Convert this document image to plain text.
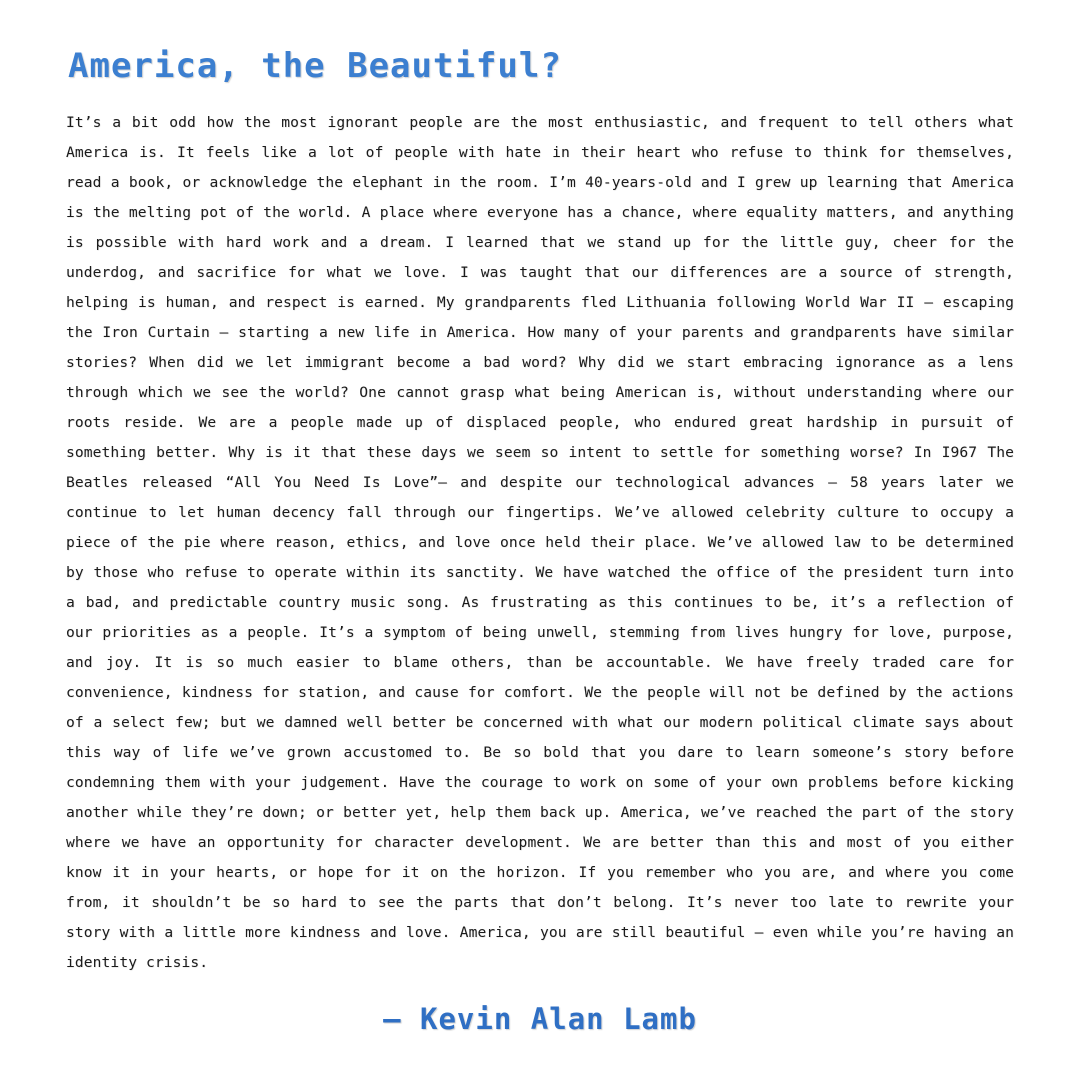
America, the Beautiful?

It’s a bit odd how the most ignorant people are the most enthusiastic, and frequent to tell others what America is. It feels like a lot of people with hate in their heart who refuse to think for themselves, read a book, or acknowledge the elephant in the room. I’m 40-years-old and I grew up learning that America is the melting pot of the world. A place where everyone has a chance, where equality matters, and anything is possible with hard work and a dream. I learned that we stand up for the little guy, cheer for the underdog, and sacrifice for what we love. I was taught that our differences are a source of strength, helping is human, and respect is earned. My grandparents fled Lithuania following World War II — escaping the Iron Curtain — starting a new life in America. How many of your parents and grandparents have similar stories? When did we let immigrant become a bad word? Why did we start embracing ignorance as a lens through which we see the world? One cannot grasp what being American is, without understanding where our roots reside. We are a people made up of displaced people, who endured great hardship in pursuit of something better. Why is it that these days we seem so intent to settle for something worse? In I967 The Beatles released “All You Need Is Love”— and despite our technological advances — 58 years later we continue to let human decency fall through our fingertips. We’ve allowed celebrity culture to occupy a piece of the pie where reason, ethics, and love once held their place. We’ve allowed law to be determined by those who refuse to operate within its sanctity. We have watched the office of the president turn into a bad, and predictable country music song. As frustrating as this continues to be, it’s a reflection of our priorities as a people. It’s a symptom of being unwell, stemming from lives hungry for love, purpose, and joy. It is so much easier to blame others, than be accountable. We have freely traded care for convenience, kindness for station, and cause for comfort. We the people will not be defined by the actions of a select few; but we damned well better be concerned with what our modern political climate says about this way of life we’ve grown accustomed to. Be so bold that you dare to learn someone’s story before condemning them with your judgement. Have the courage to work on some of your own problems before kicking another while they’re down; or better yet, help them back up. America, we’ve reached the part of the story where we have an opportunity for character development. We are better than this and most of you either know it in your hearts, or hope for it on the horizon. If you remember who you are, and where you come from, it shouldn’t be so hard to see the parts that don’t belong. It’s never too late to rewrite your story with a little more kindness and love. America, you are still beautiful — even while you’re having an identity crisis.

— Kevin Alan Lamb
